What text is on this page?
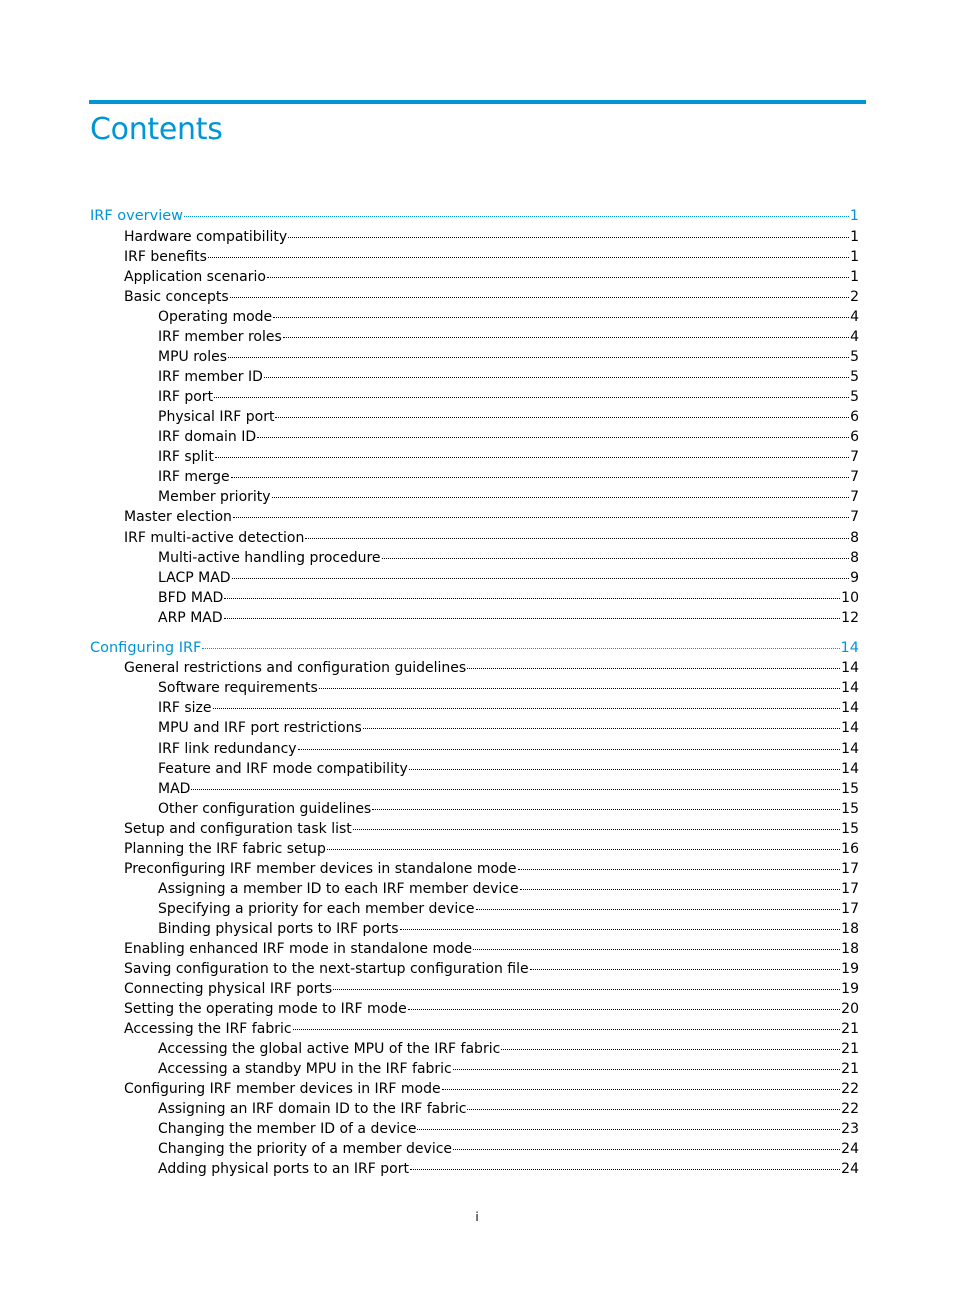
Contents
IRF overview	1
Hardware compatibility	1
IRF benefits	1
Application scenario	1
Basic concepts	2
Operating mode	4
IRF member roles	4
MPU roles	5
IRF member ID	5
IRF port	5
Physical IRF port	6
IRF domain ID	6
IRF split	7
IRF merge	7
Member priority	7
Master election	7
IRF multi-active detection	8
Multi-active handling procedure	8
LACP MAD	9
BFD MAD	10
ARP MAD	12
Configuring IRF	14
General restrictions and configuration guidelines	14
Software requirements	14
IRF size	14
MPU and IRF port restrictions	14
IRF link redundancy	14
Feature and IRF mode compatibility	14
MAD	15
Other configuration guidelines	15
Setup and configuration task list	15
Planning the IRF fabric setup	16
Preconfiguring IRF member devices in standalone mode	17
Assigning a member ID to each IRF member device	17
Specifying a priority for each member device	17
Binding physical ports to IRF ports	18
Enabling enhanced IRF mode in standalone mode	18
Saving configuration to the next-startup configuration file	19
Connecting physical IRF ports	19
Setting the operating mode to IRF mode	20
Accessing the IRF fabric	21
Accessing the global active MPU of the IRF fabric	21
Accessing a standby MPU in the IRF fabric	21
Configuring IRF member devices in IRF mode	22
Assigning an IRF domain ID to the IRF fabric	22
Changing the member ID of a device	23
Changing the priority of a member device	24
Adding physical ports to an IRF port	24
i
